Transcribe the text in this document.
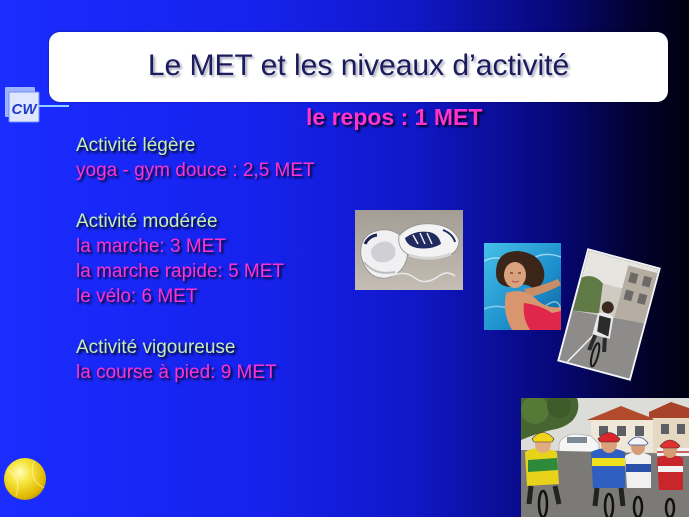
Le MET et les niveaux d’activité
CW	le repos : 1 MET
Activité légère
yoga - gym douce : 2,5 MET
Activité modérée
la marche: 3 MET
la marche rapide: 5 MET
le vélo: 6 MET
Activité vigoureuse
la course à pied: 9 MET
